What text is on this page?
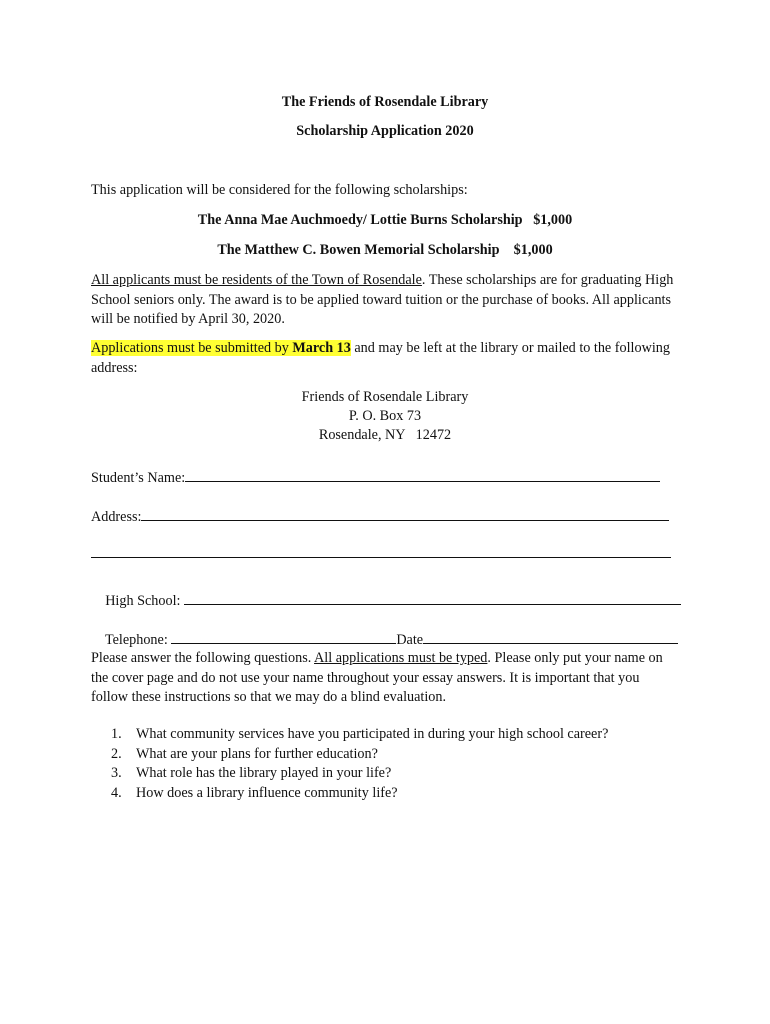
The Friends of Rosendale Library
Scholarship Application 2020
This application will be considered for the following scholarships:
The Anna Mae Auchmoedy/ Lottie Burns Scholarship   $1,000
The Matthew C. Bowen Memorial Scholarship    $1,000
All applicants must be residents of the Town of Rosendale. These scholarships are for graduating High School seniors only. The award is to be applied toward tuition or the purchase of books. All applicants will be notified by April 30, 2020.
Applications must be submitted by March 13 and may be left at the library or mailed to the following address:
Friends of Rosendale Library
P. O. Box 73
Rosendale, NY   12472
Student’s Name:
Address:

High School:

Telephone:	Date

Please answer the following questions. All applications must be typed. Please only put your name on the cover page and do not use your name throughout your essay answers. It is important that you follow these instructions so that we may do a blind evaluation.
1.	What community services have you participated in during your high school career?
2.	What are your plans for further education?
3.	What role has the library played in your life?
4.	How does a library influence community life?
